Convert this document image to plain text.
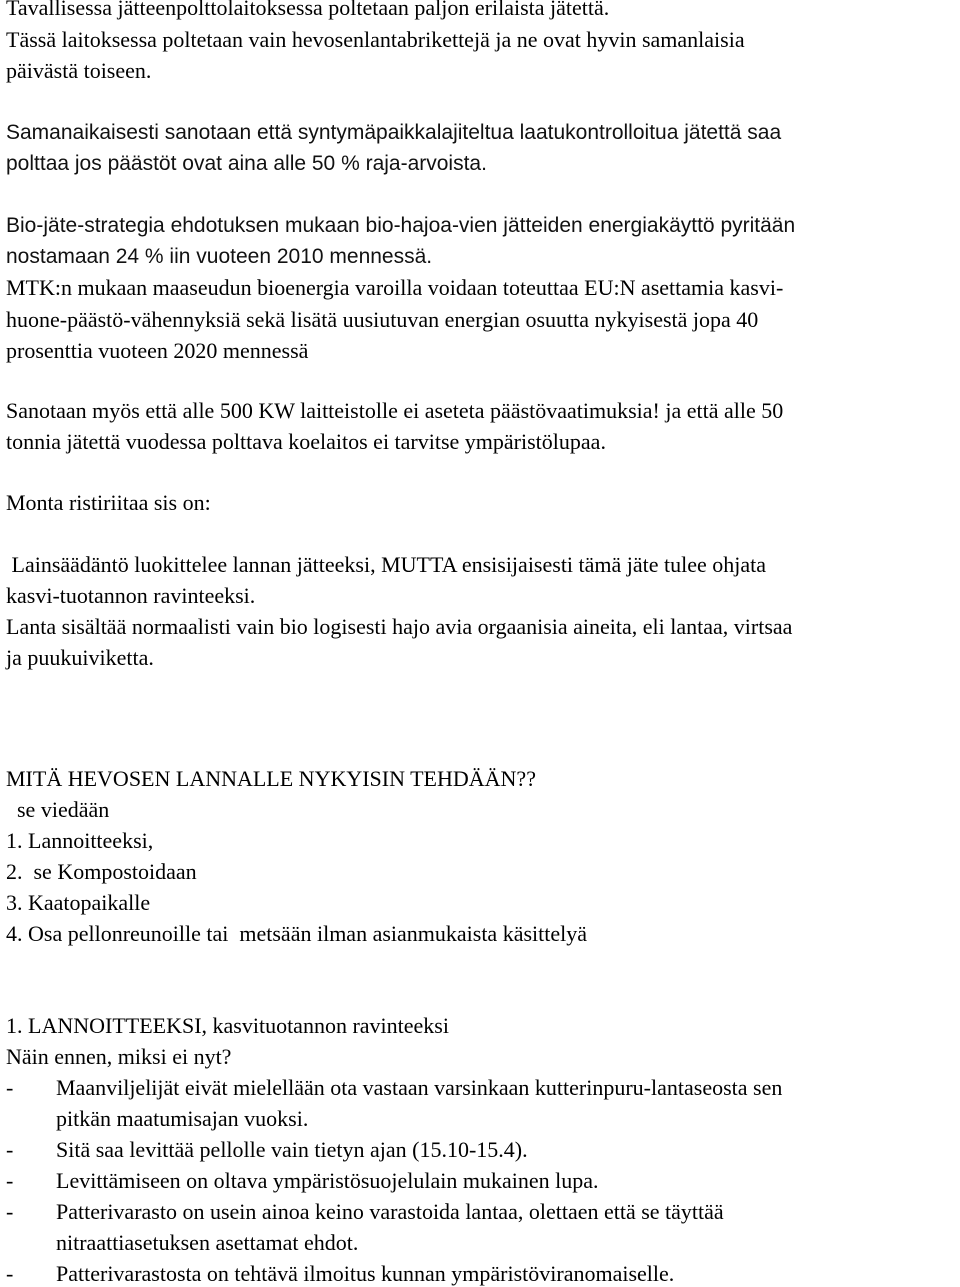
Tavallisessa jätteenpolttolaitoksessa poltetaan paljon erilaista jätettä.

Tässä laitoksessa poltetaan vain hevosenlantabrikettejä ja ne ovat hyvin samanlaisia

päivästä toiseen.

Samanaikaisesti sanotaan että syntymäpaikkalajiteltua laatukontrolloitua jätettä saa

polttaa jos päästöt ovat aina alle 50 % raja-arvoista.

Bio-jäte-strategia ehdotuksen mukaan bio-hajoa-vien jätteiden energiakäyttö pyritään

nostamaan 24 % iin vuoteen 2010 mennessä.

MTK:n mukaan maaseudun bioenergia varoilla voidaan toteuttaa EU:N asettamia kasvi-

huone-päästö-vähennyksiä sekä lisätä uusiutuvan energian osuutta nykyisestä jopa 40

prosenttia vuoteen 2020 mennessä

Sanotaan myös että alle 500 KW laitteistolle ei aseteta päästövaatimuksia! ja että alle 50

tonnia jätettä vuodessa polttava koelaitos ei tarvitse ympäristölupaa.

Monta ristiriitaa sis on:

Lainsäädäntö luokittelee lannan jätteeksi, MUTTA ensisijaisesti tämä jäte tulee ohjata

kasvi-tuotannon ravinteeksi.

Lanta sisältää normaalisti vain bio logisesti hajo avia orgaanisia aineita, eli lantaa, virtsaa

ja puukuiviketta.

MITÄ HEVOSEN LANNALLE NYKYISIN TEHDÄÄN??

se viedään

1. Lannoitteeksi,

2.  se Kompostoidaan

3. Kaatopaikalle

4. Osa pellonreunoille tai  metsään ilman asianmukaista käsittelyä

1. LANNOITTEEKSI, kasvituotannon ravinteeksi

Näin ennen, miksi ei nyt?

- Maanviljelijät eivät mielellään ota vastaan varsinkaan kutterinpuru-lantaseosta sen
pitkän maatumisajan vuoksi.
- Sitä saa levittää pellolle vain tietyn ajan (15.10-15.4).
- Levittämiseen on oltava ympäristösuojelulain mukainen lupa.
- Patterivarasto on usein ainoa keino varastoida lantaa, olettaen että se täyttää
nitraattiasetuksen asettamat ehdot.
- Patterivarastosta on tehtävä ilmoitus kunnan ympäristöviranomaiselle.
